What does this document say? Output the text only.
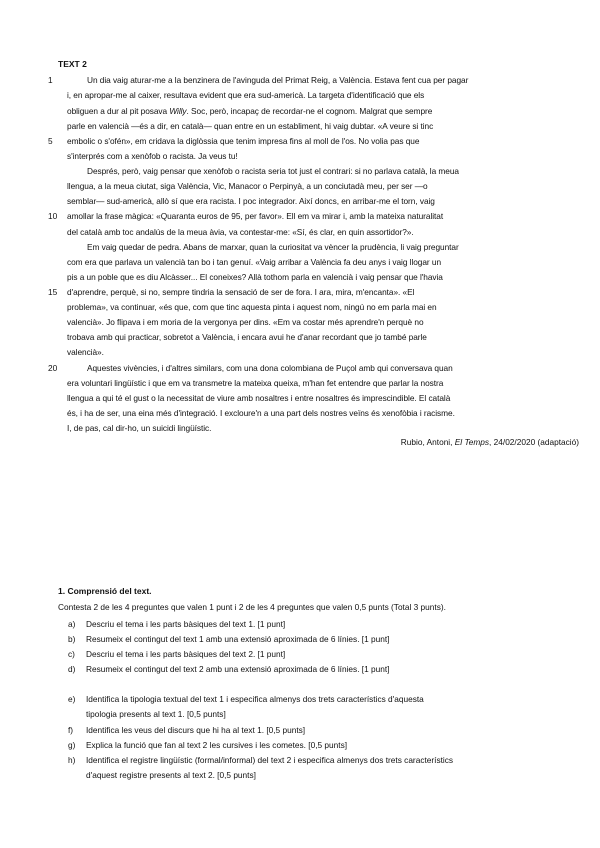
TEXT 2
1
5
10
15
20
Un dia vaig aturar-me a la benzinera de l'avinguda del Primat Reig, a València. Estava fent cua per pagar
i, en apropar-me al caixer, resultava evident que era sud-americà. La targeta d'identificació que els
obliguen a dur al pit posava Willy. Soc, però, incapaç de recordar-ne el cognom. Malgrat que sempre
parle en valencià —és a dir, en català— quan entre en un establiment, hi vaig dubtar. «A veure si tinc
embolic o s'ofén», em cridava la diglòssia que tenim impresa fins al moll de l'os. No volia pas que
s'interprés com a xenòfob o racista. Ja veus tu!
Després, però, vaig pensar que xenòfob o racista seria tot just el contrari: si no parlava català, la meua
llengua, a la meua ciutat, siga València, Vic, Manacor o Perpinyà, a un conciutadà meu, per ser —o
semblar— sud-americà, allò sí que era racista. I poc integrador. Així doncs, en arribar-me el torn, vaig
amollar la frase màgica: «Quaranta euros de 95, per favor». Ell em va mirar i, amb la mateixa naturalitat
del català amb toc andalús de la meua àvia, va contestar-me: «Sí, és clar, en quin assortidor?».
Em vaig quedar de pedra. Abans de marxar, quan la curiositat va vèncer la prudència, li vaig preguntar
com era que parlava un valencià tan bo i tan genuí. «Vaig arribar a València fa deu anys i vaig llogar un
pis a un poble que es diu Alcàsser... El coneixes? Allà tothom parla en valencià i vaig pensar que l'havia
d'aprendre, perquè, si no, sempre tindria la sensació de ser de fora. I ara, mira, m'encanta». «El
problema», va continuar, «és que, com que tinc aquesta pinta i aquest nom, ningú no em parla mai en
valencià». Jo flipava i em moria de la vergonya per dins. «Em va costar més aprendre'n perquè no
trobava amb qui practicar, sobretot a València, i encara avui he d'anar recordant que jo també parle
valencià».
Aquestes vivències, i d'altres similars, com una dona colombiana de Puçol amb qui conversava quan
era voluntari lingüístic i que em va transmetre la mateixa queixa, m'han fet entendre que parlar la nostra
llengua a qui té el gust o la necessitat de viure amb nosaltres i entre nosaltres és imprescindible. El català
és, i ha de ser, una eina més d'integració. I excloure'n a una part dels nostres veïns és xenofòbia i racisme.
I, de pas, cal dir-ho, un suicidi lingüístic.
Rubio, Antoni, El Temps, 24/02/2020 (adaptació)
1. Comprensió del text.
Contesta 2 de les 4 preguntes que valen 1 punt i 2 de les 4 preguntes que valen 0,5 punts (Total 3 punts).
a) Descriu el tema i les parts bàsiques del text 1. [1 punt]
b) Resumeix el contingut del text 1 amb una extensió aproximada de 6 línies. [1 punt]
c) Descriu el tema i les parts bàsiques del text 2. [1 punt]
d) Resumeix el contingut del text 2 amb una extensió aproximada de 6 línies. [1 punt]
e) Identifica la tipologia textual del text 1 i especifica almenys dos trets característics d'aquesta
tipologia presents al text 1. [0,5 punts]
f) Identifica les veus del discurs que hi ha al text 1. [0,5 punts]
g) Explica la funció que fan al text 2 les cursives i les cometes. [0,5 punts]
h) Identifica el registre lingüístic (formal/informal) del text 2 i especifica almenys dos trets característics
d'aquest registre presents al text 2. [0,5 punts]
